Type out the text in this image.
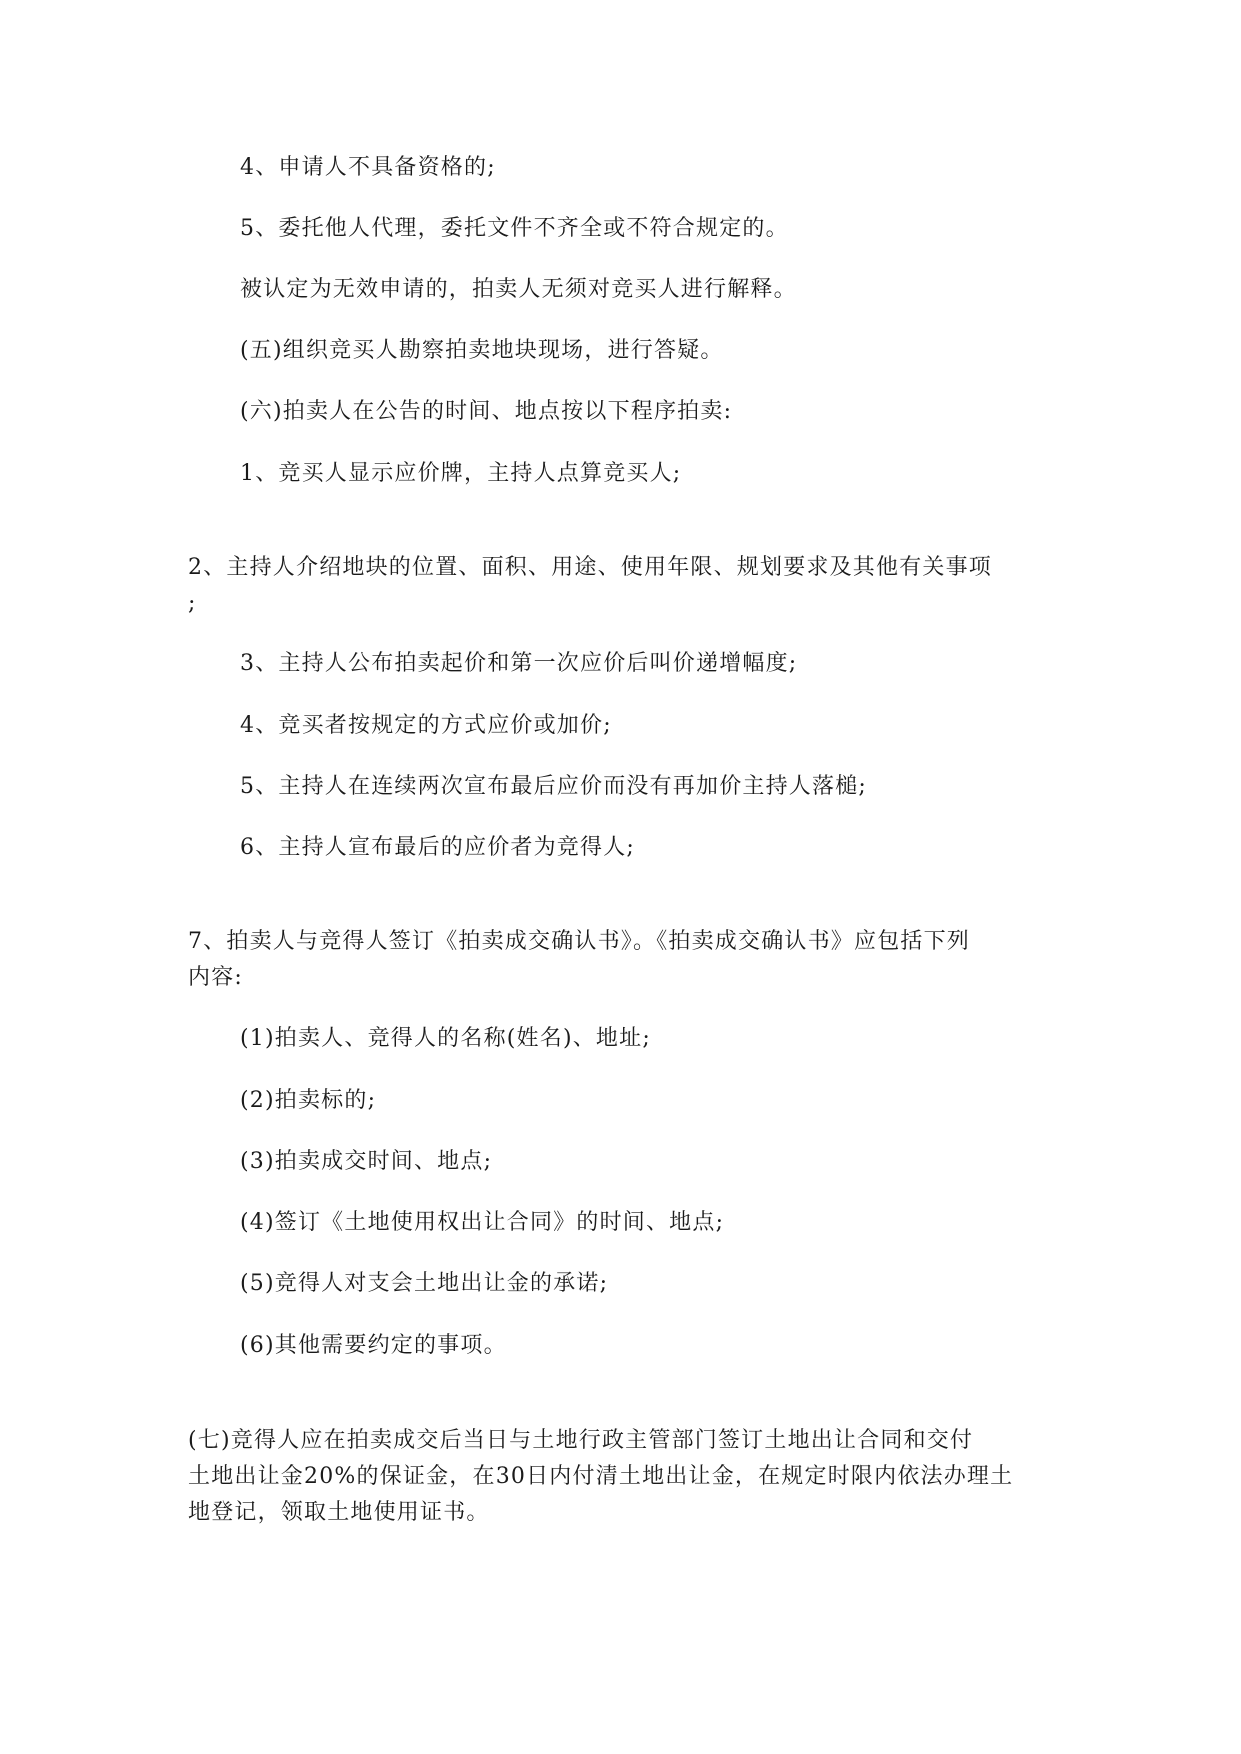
4、申请人不具备资格的;
5、委托他人代理，委托文件不齐全或不符合规定的。
被认定为无效申请的，拍卖人无须对竞买人进行解释。
(五)组织竞买人勘察拍卖地块现场，进行答疑。
(六)拍卖人在公告的时间、地点按以下程序拍卖:
1、竞买人显示应价牌，主持人点算竞买人;
2、主持人介绍地块的位置、面积、用途、使用年限、规划要求及其他有关事项
;
3、主持人公布拍卖起价和第一次应价后叫价递增幅度;
4、竞买者按规定的方式应价或加价;
5、主持人在连续两次宣布最后应价而没有再加价主持人落槌;
6、主持人宣布最后的应价者为竞得人;
7、拍卖人与竞得人签订《拍卖成交确认书》。《拍卖成交确认书》应包括下列
内容:
(1)拍卖人、竞得人的名称(姓名)、地址;
(2)拍卖标的;
(3)拍卖成交时间、地点;
(4)签订《土地使用权出让合同》的时间、地点;
(5)竞得人对支会土地出让金的承诺;
(6)其他需要约定的事项。
(七)竞得人应在拍卖成交后当日与土地行政主管部门签订土地出让合同和交付
土地出让金20%的保证金，在30日内付清土地出让金，在规定时限内依法办理土
地登记，领取土地使用证书。
